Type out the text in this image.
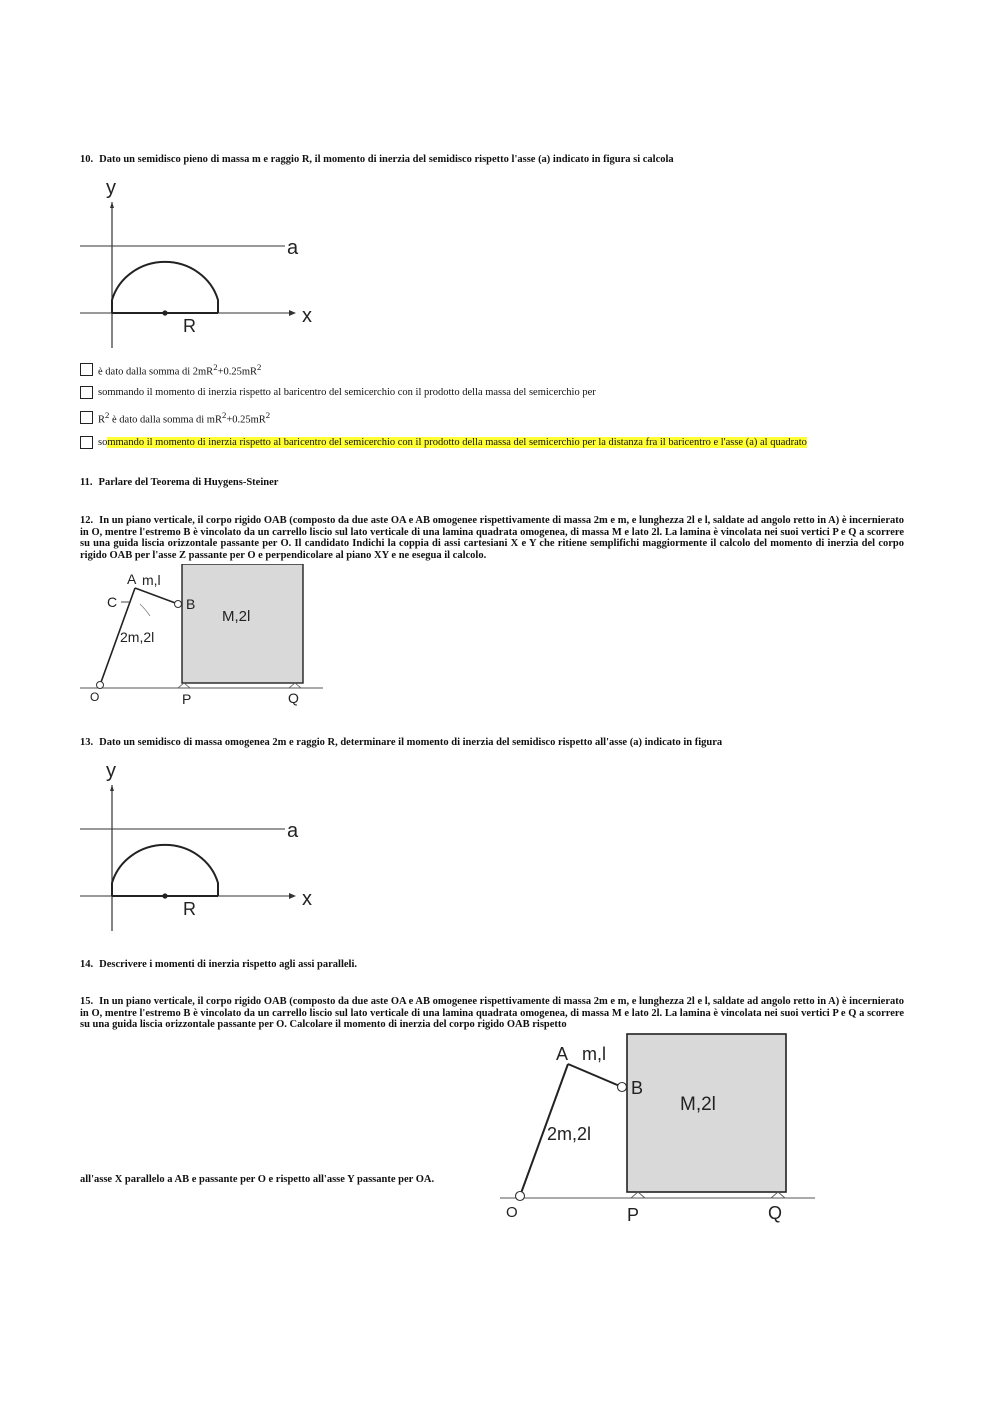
10. Dato un semidisco pieno di massa m e raggio R, il momento di inerzia del semidisco rispetto l'asse (a) indicato in figura si calcola
y
a
x
R
è dato dalla somma di $2mR^2+0.25mR^2$
sommando il momento di inerzia rispetto al baricentro del semicerchio con il prodotto della massa del semicerchio per
$R^2$ è dato dalla somma di $mR^2+0.25mR^2$
sommando il momento di inerzia rispetto al baricentro del semicerchio con il prodotto della massa del semicerchio per la distanza fra il baricentro e l'asse (a) al quadrato
11. Parlare del Teorema di Huygens-Steiner
12. In un piano verticale, il corpo rigido OAB (composto da due aste OA e AB omogenee rispettivamente di massa 2m e m, e lunghezza 2l e l, saldate ad angolo retto in A) è incernierato in O, mentre l'estremo B è vincolato da un carrello liscio sul lato verticale di una lamina quadrata omogenea, di massa M e lato 2l. La lamina è vincolata nei suoi vertici P e Q a scorrere su una guida liscia orizzontale passante per O. Il candidato Indichi la coppia di assi cartesiani X e Y che ritiene semplifichi maggiormente il calcolo del momento di inerzia del corpo rigido OAB per l'asse Z passante per O e perpendicolare al piano XY e ne esegua il calcolo.
A m,l
C	B
M,2l
2m,2l
O	P	Q
13. Dato un semidisco di massa omogenea 2m e raggio R, determinare il momento di inerzia del semidisco rispetto all'asse (a) indicato in figura
y
a
x
R
14. Descrivere i momenti di inerzia rispetto agli assi paralleli.
15. In un piano verticale, il corpo rigido OAB (composto da due aste OA e AB omogenee rispettivamente di massa 2m e m, e lunghezza 2l e l, saldate ad angolo retto in A) è incernierato in O, mentre l'estremo B è vincolato da un carrello liscio sul lato verticale di una lamina quadrata omogenea, di massa M e lato 2l. La lamina è vincolata nei suoi vertici P e Q a scorrere su una guida liscia orizzontale passante per O. Calcolare il momento di inerzia del corpo rigido OAB rispetto
all'asse X parallelo a AB e passante per O e rispetto all'asse Y passante per OA.
A m,l
B
M,2l
2m,2l
O	P	Q
